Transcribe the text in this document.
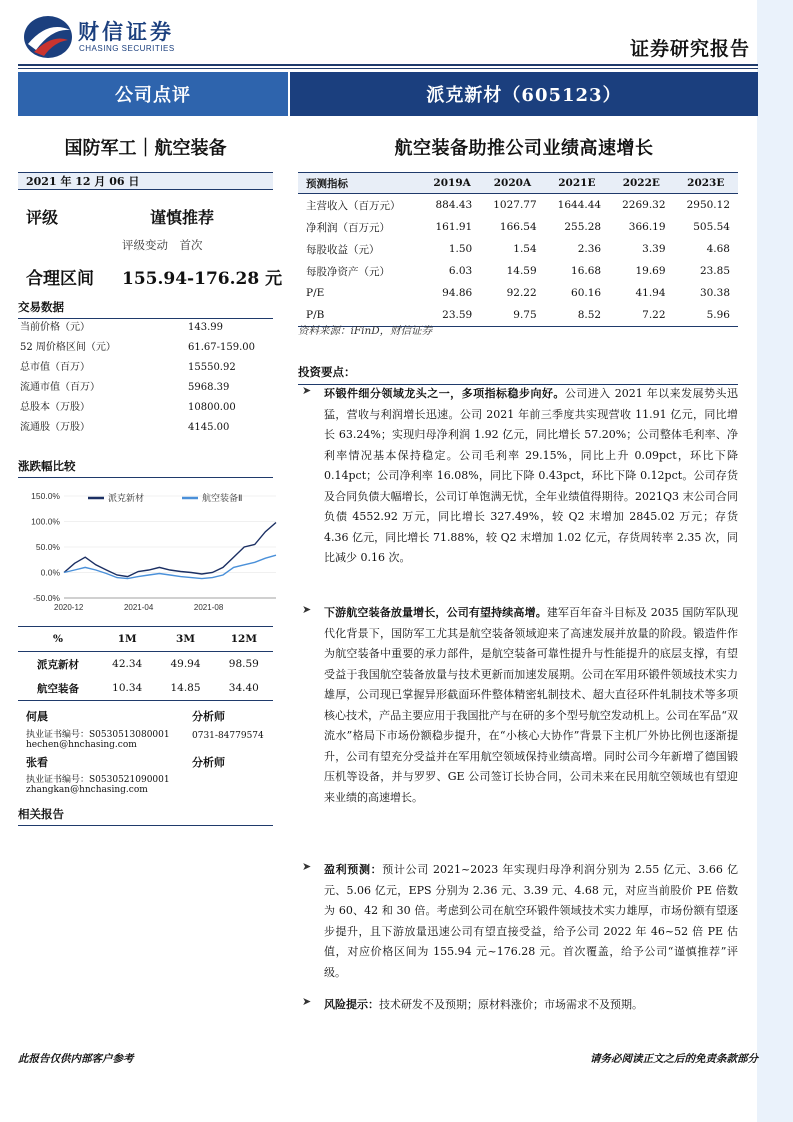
财信证券
CHASING SECURITIES	证券研究报告
公司点评	派克新材（605123）
国防军工｜航空装备
2021 年 12 月 06 日
评级	谨慎推荐
评级变动　首次
合理区间 155.94-176.28 元
交易数据
当前价格（元）	143.99
52 周价格区间（元）	61.67-159.00
总市值（百万）	15550.92
流通市值（百万）	5968.39
总股本（万股）	10800.00
流通股（万股）	4145.00
涨跌幅比较
150.0%
100.0%
50.0%
0.0%
-50.0%
2020-12	2021-04	2021-08
派克新材	航空装备Ⅱ
%	1M	3M	12M
派克新材	42.34	49.94	98.59
航空装备	10.34	14.85	34.40
何晨	分析师
执业证书编号：S0530513080001
hechen@hnchasing.com
0731-84779574
张看	分析师
执业证书编号：S0530521090001
zhangkan@hnchasing.com
相关报告
航空装备助推公司业绩高速增长
预测指标	2019A	2020A	2021E	2022E	2023E
主营收入（百万元）	884.43	1027.77	1644.44	2269.32	2950.12
净利润（百万元）	161.91	166.54	255.28	366.19	505.54
每股收益（元）	1.50	1.54	2.36	3.39	4.68
每股净资产（元）	6.03	14.59	16.68	19.69	23.85
P/E	94.86	92.22	60.16	41.94	30.38
P/B	23.59	9.75	8.52	7.22	5.96
资料来源：iFinD，财信证券
投资要点：
➤ 环锻件细分领域龙头之一，多项指标稳步向好。公司进入 2021 年以来发展势头迅猛，营收与利润增长迅速。公司 2021 年前三季度共实现营收 11.91 亿元，同比增长 63.24%；实现归母净利润 1.92 亿元，同比增长 57.20%；公司整体毛利率、净利率情况基本保持稳定。公司毛利率 29.15%，同比上升 0.09pct，环比下降 0.14pct；公司净利率 16.08%，同比下降 0.43pct，环比下降 0.12pct。公司存货及合同负债大幅增长，公司订单饱满无忧，全年业绩值得期待。2021Q3 末公司合同负债 4552.92 万元，同比增长 327.49%，较 Q2 末增加 2845.02 万元；存货 4.36 亿元，同比增长 71.88%，较 Q2 末增加 1.02 亿元，存货周转率 2.35 次，同比减少 0.16 次。

➤ 下游航空装备放量增长，公司有望持续高增。建军百年奋斗目标及 2035 国防军队现代化背景下，国防军工尤其是航空装备领域迎来了高速发展并放量的阶段。锻造件作为航空装备中重要的承力部件，是航空装备可靠性提升与性能提升的底层支撑，有望受益于我国航空装备放量与技术更新而加速发展期。公司在军用环锻件领域技术实力雄厚，公司现已掌握异形截面环件整体精密轧制技术、超大直径环件轧制技术等多项核心技术，产品主要应用于我国批产与在研的多个型号航空发动机上。公司在军品“双流水”格局下市场份额稳步提升，在“小核心大协作”背景下主机厂外协比例也逐渐提升，公司有望充分受益并在军用航空领域保持业绩高增。同时公司今年新增了德国锻压机等设备，并与罗罗、GE 公司签订长协合同，公司未来在民用航空领域也有望迎来业绩的高速增长。

➤ 盈利预测：预计公司 2021~2023 年实现归母净利润分别为 2.55 亿元、3.66 亿元、5.06 亿元，EPS 分别为 2.36 元、3.39 元、4.68 元，对应当前股价 PE 倍数为 60、42 和 30 倍。考虑到公司在航空环锻件领域技术实力雄厚，市场份额有望逐步提升，且下游放量迅速公司有望直接受益，给予公司 2022 年 46~52 倍 PE 估值，对应价格区间为 155.94 元~176.28 元。首次覆盖，给予公司“谨慎推荐”评级。

➤ 风险提示：技术研发不及预期；原材料涨价；市场需求不及预期。

此报告仅供内部客户参考	请务必阅读正文之后的免责条款部分
